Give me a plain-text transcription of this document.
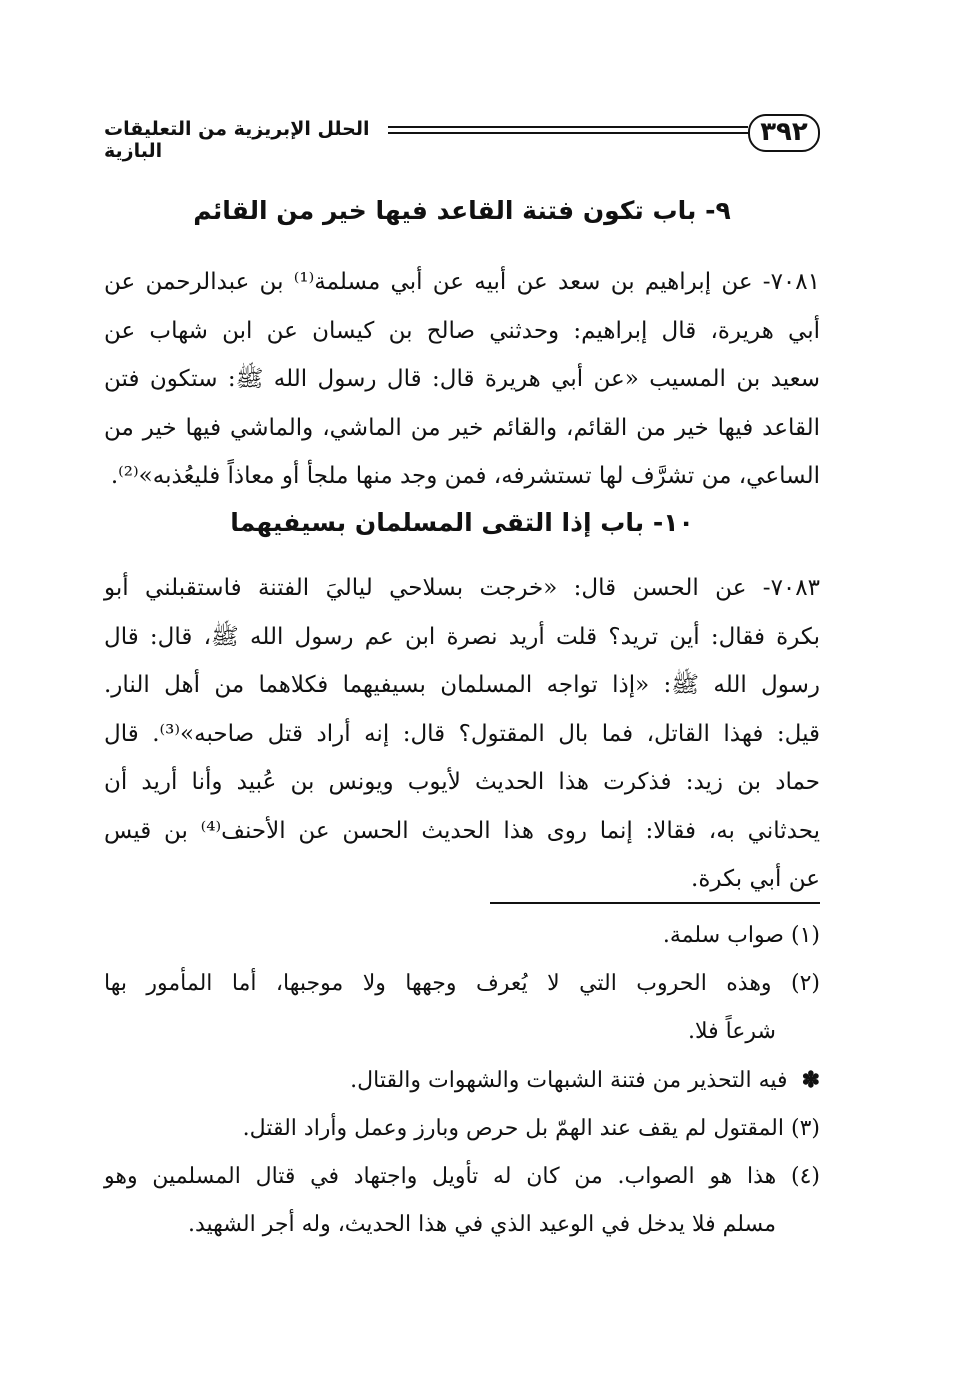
٣٩٢
الحلل الإبريزية من التعليقات البازية
٩- باب تكون فتنة القاعد فيها خير من القائم
٧٠٨١- عن إبراهيم بن سعد عن أبيه عن أبي مسلمة⁽¹⁾ بن عبدالرحمن عن
أبي هريرة، قال إبراهيم: وحدثني صالح بن كيسان عن ابن شهاب عن
سعيد بن المسيب «عن أبي هريرة قال: قال رسول الله ﷺ: ستكون فتن
القاعد فيها خير من القائم، والقائم خير من الماشي، والماشي فيها خير من
الساعي، من تشرَّف لها تستشرفه، فمن وجد منها ملجأ أو معاذاً فليعُذبه»⁽²⁾.
١٠- باب إذا التقى المسلمان بسيفيهما
٧٠٨٣- عن الحسن قال: «خرجت بسلاحي لياليَ الفتنة فاستقبلني أبو
بكرة فقال: أين تريد؟ قلت أريد نصرة ابن عم رسول الله ﷺ، قال: قال
رسول الله ﷺ: «إذا تواجه المسلمان بسيفيهما فكلاهما من أهل النار.
قيل: فهذا القاتل، فما بال المقتول؟ قال: إنه أراد قتل صاحبه»⁽³⁾. قال
حماد بن زيد: فذكرت هذا الحديث لأيوب ويونس بن عُبيد وأنا أريد أن
يحدثاني به، فقالا: إنما روى هذا الحديث الحسن عن الأحنف⁽⁴⁾ بن قيس
عن أبي بكرة.
(١) صواب سلمة.
(٢) وهذه الحروب التي لا يُعرف وجهها ولا موجبها، أما المأمور بها
شرعاً فلا.
✽فيه التحذير من فتنة الشبهات والشهوات والقتال.
(٣) المقتول لم يقف عند الهمّ بل حرص وبارز وعمل وأراد القتل.
(٤) هذا هو الصواب. من كان له تأويل واجتهاد في قتال المسلمين وهو
مسلم فلا يدخل في الوعيد الذي في هذا الحديث، وله أجر الشهيد.
